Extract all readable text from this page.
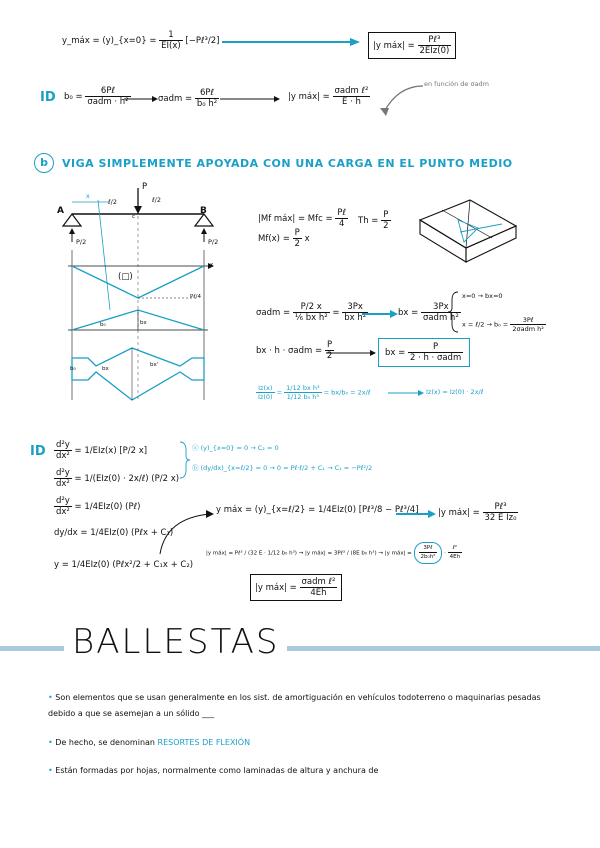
y_máx = (y)_{x=0} = $\frac{1}{EI(x)}$ [−Pℓ³/2]	|y máx| = $\frac{\text{Pℓ³}}{\text{2EIz(0)}}$
ID $b_0 = \frac{\text{6Pℓ}}{\text{σadm · h²}}$	$\sigma adm = \frac{\text{6Pℓ}}{\text{b₀ h²}}$	|y máx| = $\frac{\text{σadm ℓ²}}{E \cdot h}$
en función de σadm
b	VIGA SIMPLEMENTE APOYADA CON UNA CARGA EN EL PUNTO MEDIO
A	B
P
x
ℓ/2	ℓ/2
c
P/2	P/2
x
(□)
Pℓ/4
b₀	bx
b₀	bx
bx'
|Mf máx| = Mfc = $\frac{\text{Pℓ}}{4}$ $Th = \frac{P}{2}$
$Mf(x) = \frac{P}{2}$ x
$\sigma adm = \frac{P/2 x}{\text{⅙ bx h²}} = \frac{3Px}{\text{bx h²}}$	bx = $\frac{3Px}{\text{σadm h²}}$
x=0 → bx=0
x = ℓ/2 → $b_0 = \frac{\text{3Pℓ}}{\text{2σadm h²}}$
bx · $h \cdot \sigma adm = \frac{P}{2}$	bx = $\frac{P}{\text{2 · h · σadm}}$
$\frac{Iz(x)}{Iz(0)} = \frac{\text{1/12 bx h³}}{\text{1/12 b₀ h³}} = bx/b_0$ = 2x/ℓ	Iz(x) = Iz(0) · 2x/ℓ
ID $\frac{\text{d²y}}{\text{dx²}} = 1/EIz(x)$ [P/2 x]
$\frac{\text{d²y}}{\text{dx²}} = 1/(EIz(0)$ · 2x/ℓ) (P/2 x)
$\frac{\text{d²y}}{\text{dx²}} = 1/4EIz(0)$ (Pℓ)
dy/dx = 1/4EIz(0) (Pℓx + C₁)
y = 1/4EIz(0) (Pℓx²/2 + C₁x + C₂)
ⓐ (y)_{x=0} = 0 → C₂ = 0
ⓑ (dy/dx)_{x=ℓ/2} = 0 → 0 = Pℓ·ℓ/2 + C₁ → C₁ = −Pℓ²/2
y máx = (y)_{x=ℓ/2} = 1/4EIz(0) [Pℓ³/8 − Pℓ³/4] |y máx| = $\frac{\text{Pℓ³}}{\text{32 E Iz₀}}$
|y máx| = Pℓ³ / (32 E · 1/12 b₀ h³) → |y máx| = 3Pℓ³ / (8E b₀ h³) → |y máx| = $\frac{\text{3Pℓ}}{\text{2b₀h²}} \cdot \frac{\text{ℓ²}}{4Eh}$
|y máx| = $\frac{\text{σadm ℓ²}}{4Eh}$
BALLESTAS
• Son elementos que se usan generalmente en los sist. de amortiguación en vehículos todoterreno o maquinarias pesadas debido a que se asemejan a un sólido ___
• De hecho, se denominan RESORTES DE FLEXIÓN
• Están formadas por hojas, normalmente como laminadas de altura y anchura de
